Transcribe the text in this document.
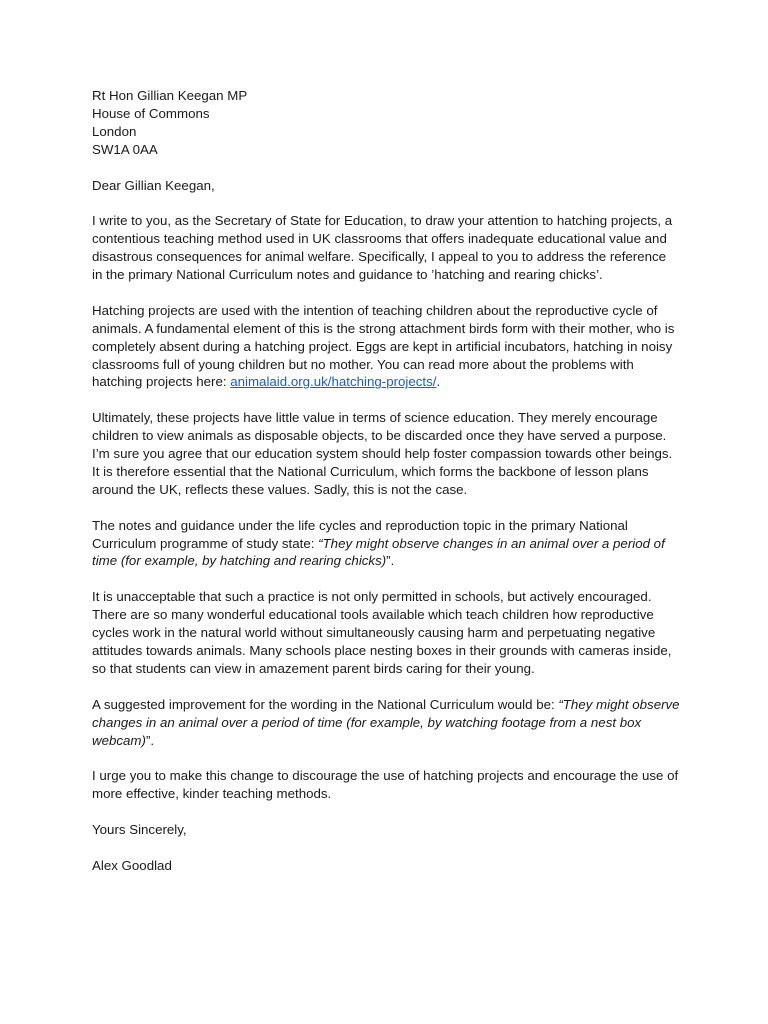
Rt Hon Gillian Keegan MP

House of Commons

London

SW1A 0AA

Dear Gillian Keegan,

I write to you, as the Secretary of State for Education, to draw your attention to hatching projects, a contentious teaching method used in UK classrooms that offers inadequate educational value and disastrous consequences for animal welfare. Specifically, I appeal to you to address the reference in the primary National Curriculum notes and guidance to ’hatching and rearing chicks’.

Hatching projects are used with the intention of teaching children about the reproductive cycle of animals. A fundamental element of this is the strong attachment birds form with their mother, who is completely absent during a hatching project. Eggs are kept in artificial incubators, hatching in noisy classrooms full of young children but no mother. You can read more about the problems with hatching projects here: animalaid.org.uk/hatching-projects/.

Ultimately, these projects have little value in terms of science education. They merely encourage children to view animals as disposable objects, to be discarded once they have served a purpose. I’m sure you agree that our education system should help foster compassion towards other beings. It is therefore essential that the National Curriculum, which forms the backbone of lesson plans around the UK, reflects these values. Sadly, this is not the case.

The notes and guidance under the life cycles and reproduction topic in the primary National Curriculum programme of study state: “They might observe changes in an animal over a period of time (for example, by hatching and rearing chicks)”.

It is unacceptable that such a practice is not only permitted in schools, but actively encouraged. There are so many wonderful educational tools available which teach children how reproductive cycles work in the natural world without simultaneously causing harm and perpetuating negative attitudes towards animals. Many schools place nesting boxes in their grounds with cameras inside, so that students can view in amazement parent birds caring for their young.

A suggested improvement for the wording in the National Curriculum would be: “They might observe changes in an animal over a period of time (for example, by watching footage from a nest box webcam)”.

I urge you to make this change to discourage the use of hatching projects and encourage the use of more effective, kinder teaching methods.

Yours Sincerely,

Alex Goodlad
